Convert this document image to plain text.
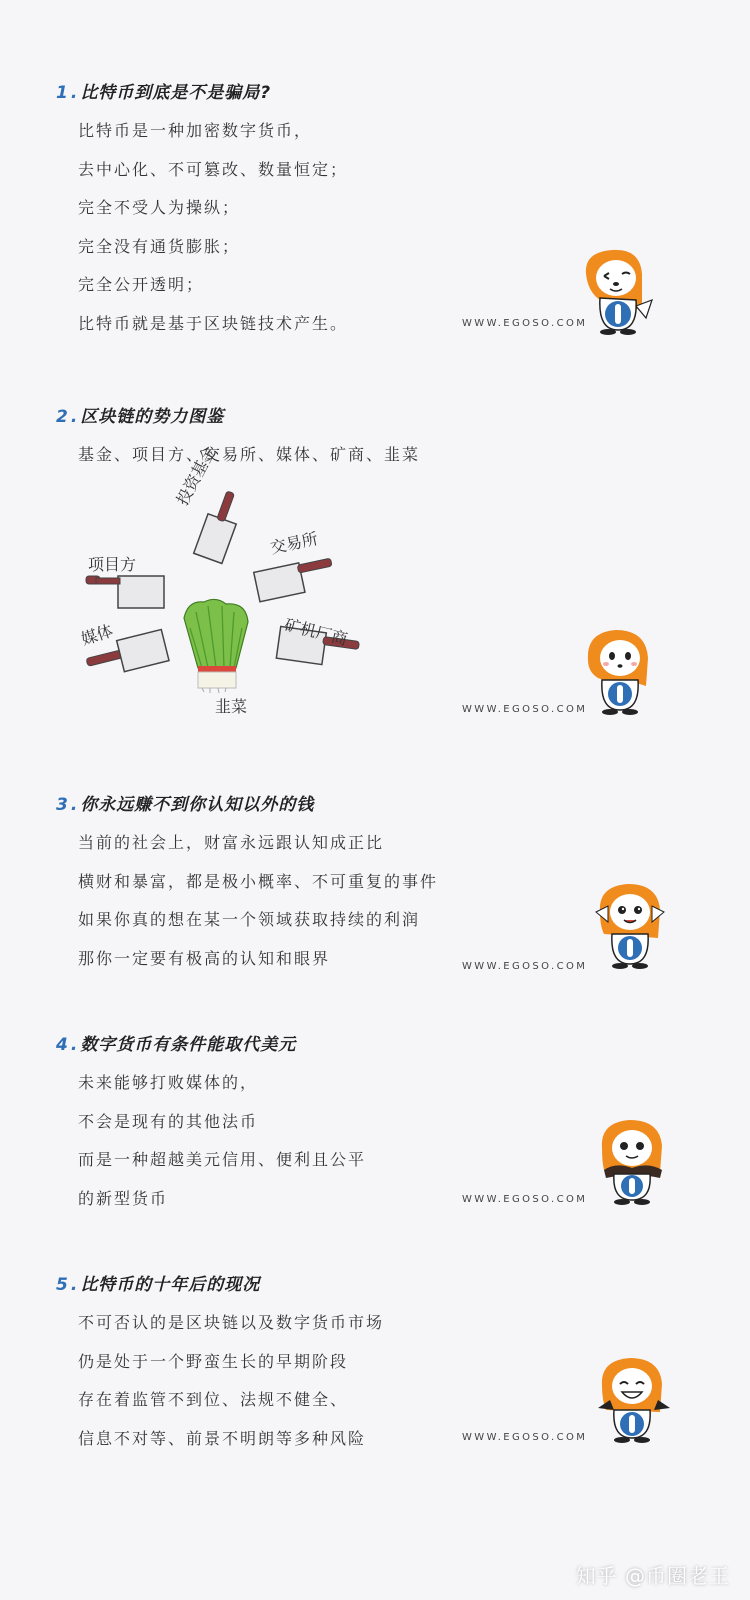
1 . 比特币到底是不是骗局?
比特币是一种加密数字货币，
去中心化、不可篡改、数量恒定；
完全不受人为操纵；
完全没有通货膨胀；
完全公开透明；
比特币就是基于区块链技术产生。	WWW.EGOSO.COM
2 . 区块链的势力图鉴
基金、项目方、交易所、媒体、矿商、韭菜
投资基金
项目方
交易所
媒体
韭菜
矿机厂商
WWW.EGOSO.COM
3 . 你永远赚不到你认知以外的钱
当前的社会上，财富永远跟认知成正比
横财和暴富，都是极小概率、不可重复的事件
如果你真的想在某一个领域获取持续的利润
那你一定要有极高的认知和眼界	WWW.EGOSO.COM
4 . 数字货币有条件能取代美元
未来能够打败媒体的，
不会是现有的其他法币
而是一种超越美元信用、便利且公平
的新型货币	WWW.EGOSO.COM
5 . 比特币的十年后的现况
不可否认的是区块链以及数字货币市场
仍是处于一个野蛮生长的早期阶段
存在着监管不到位、法规不健全、
信息不对等、前景不明朗等多种风险	WWW.EGOSO.COM
知乎 @币圈老王
